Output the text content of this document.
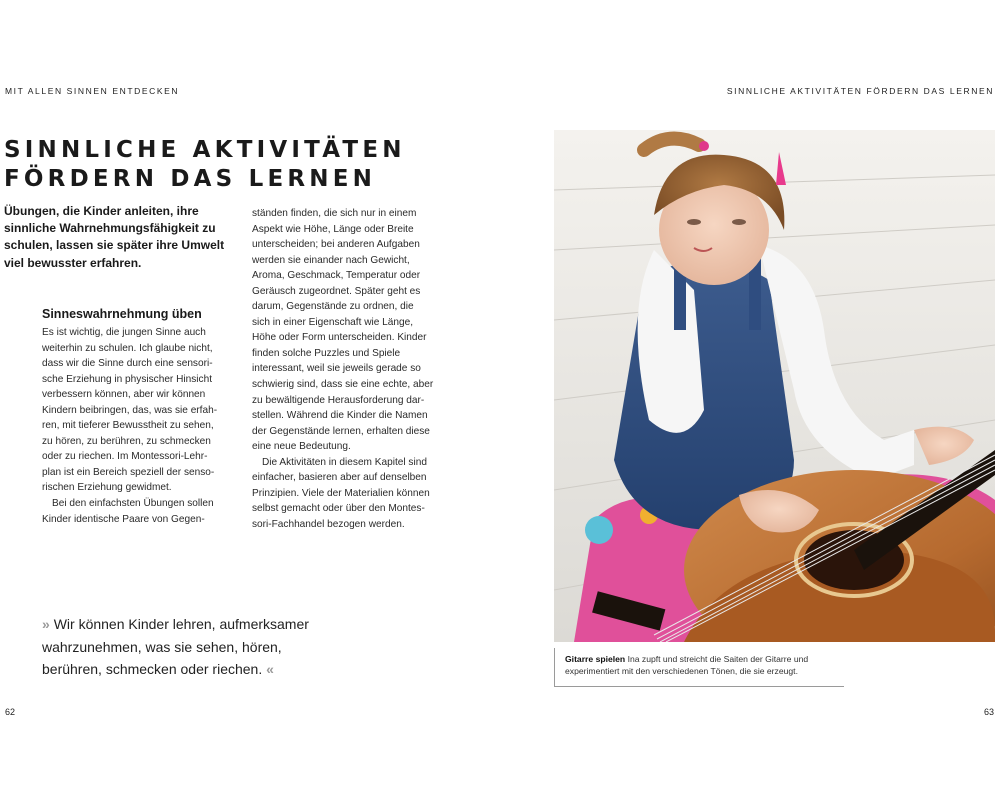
MIT ALLEN SINNEN ENTDECKEN	SINNLICHE AKTIVITÄTEN FÖRDERN DAS LERNEN
SINNLICHE AKTIVITÄTEN
FÖRDERN DAS LERNEN
Übungen, die Kinder anleiten, ihre sinnliche Wahrnehmungsfähigkeit zu schulen, lassen sie später ihre Umwelt viel bewusster erfahren.
Sinneswahrnehmung üben

Es ist wichtig, die jungen Sinne auch
weiterhin zu schulen. Ich glaube nicht,
dass wir die Sinne durch eine sensori-
sche Erziehung in physischer Hinsicht
verbessern können, aber wir können
Kindern beibringen, das, was sie erfah-
ren, mit tieferer Bewusstheit zu sehen,
zu hören, zu berühren, zu schmecken
oder zu riechen. Im Montessori-Lehr-
plan ist ein Bereich speziell der senso-
rischen Erziehung gewidmet.

Bei den einfachsten Übungen sollen
Kinder identische Paare von Gegen-

ständen finden, die sich nur in einem
Aspekt wie Höhe, Länge oder Breite
unterscheiden; bei anderen Aufgaben
werden sie einander nach Gewicht,
Aroma, Geschmack, Temperatur oder
Geräusch zugeordnet. Später geht es
darum, Gegenstände zu ordnen, die
sich in einer Eigenschaft wie Länge,
Höhe oder Form unterscheiden. Kinder
finden solche Puzzles und Spiele
interessant, weil sie jeweils gerade so
schwierig sind, dass sie eine echte, aber
zu bewältigende Herausforderung dar-
stellen. Während die Kinder die Namen
der Gegenstände lernen, erhalten diese
eine neue Bedeutung.

Die Aktivitäten in diesem Kapitel sind
einfacher, basieren aber auf denselben
Prinzipien. Viele der Materialien können
selbst gemacht oder über den Montes-
sori-Fachhandel bezogen werden.

» Wir können Kinder lehren, aufmerksamer
wahrzunehmen, was sie sehen, hören,
berühren, schmecken oder riechen. «
Gitarre spielen Ina zupft und streicht die Saiten der Gitarre und experimentiert mit den verschiedenen Tönen, die sie erzeugt.
62	63
